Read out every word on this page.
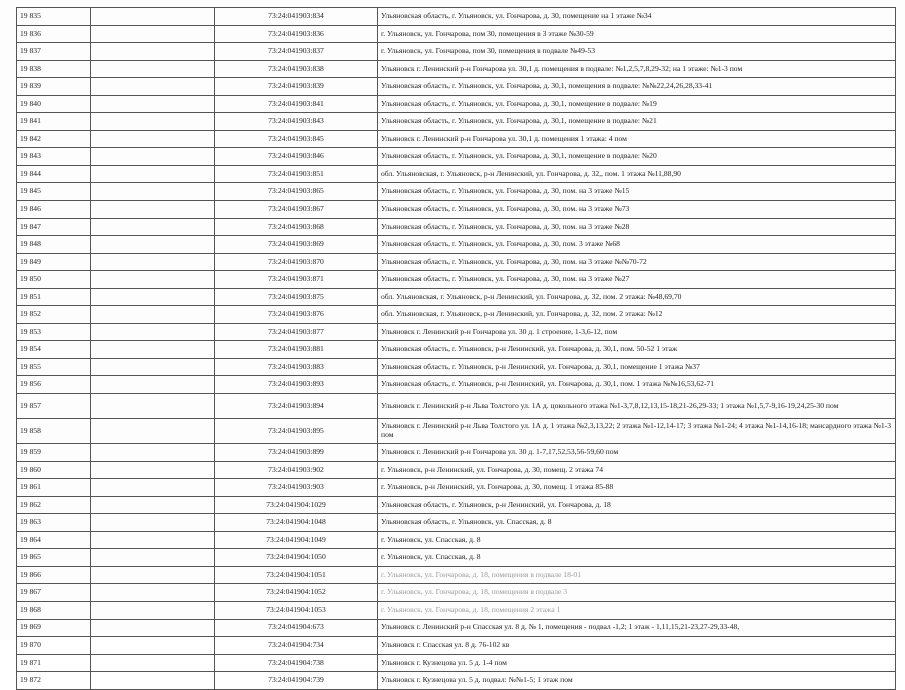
19 835		73:24:041903:834	Ульяновская область, г. Ульяновск, ул. Гончарова, д. 30, помещение на 1 этаже №34
19 836		73:24:041903:836	г. Ульяновск, ул. Гончарова, пом 30, помещения в 3 этаже №30-59
19 837		73:24:041903:837	г. Ульяновск, ул. Гончарова, пом 30, помещения в подвале №49-53
19 838		73:24:041903:838	Ульяновск г. Ленинский р-н Гончарова ул. 30,1 д. помещения в подвале: №1,2,5,7,8,29-32; на 1 этаже: №1-3 пом
19 839		73:24:041903:839	Ульяновская область, г. Ульяновск, ул. Гончарова, д. 30,1, помещения в подвале: №№22,24,26,28,33-41
19 840		73:24:041903:841	Ульяновская область, г. Ульяновск, ул. Гончарова, д. 30,1, помещение в подвале: №19
19 841		73:24:041903:843	Ульяновская область, г. Ульяновск, ул. Гончарова, д. 30,1, помещение в подвале: №21
19 842		73:24:041903:845	Ульяновск г. Ленинский р-н Гончарова ул. 30,1 д. помещения 1 этажа: 4 пом
19 843		73:24:041903:846	Ульяновская область, г. Ульяновск, ул. Гончарова, д. 30,1, помещение в подвале: №20
19 844		73:24:041903:851	обл. Ульяновская, г. Ульяновск, р-н Ленинский, ул. Гончарова, д. 32,, пом. 1 этажа №11,88,90
19 845		73:24:041903:865	Ульяновская область, г. Ульяновск, ул. Гончарова, д. 30, пом. на 3 этаже №15
19 846		73:24:041903:867	Ульяновская область, г. Ульяновск, ул. Гончарова, д. 30, пом. на 3 этаже №73
19 847		73:24:041903:868	Ульяновская область, г. Ульяновск, ул. Гончарова, д. 30, пом. на 3 этаже №28
19 848		73:24:041903:869	Ульяновская область, г. Ульяновск, ул. Гончарова, д. 30, пом. 3 этаже №68
19 849		73:24:041903:870	Ульяновская область, г. Ульяновск, ул. Гончарова, д. 30, пом. на 3 этаже №№70-72
19 850		73:24:041903:871	Ульяновская область, г. Ульяновск, ул. Гончарова, д. 30, пом. на 3 этаже №27
19 851		73:24:041903:875	обл. Ульяновская, г. Ульяновск, р-н Ленинский, ул. Гончарова, д. 32, пом. 2 этажа: №48,69,70
19 852		73:24:041903:876	обл. Ульяновская, г. Ульяновск, р-н Ленинский, ул. Гончарова, д. 32, пом. 2 этажа: №12
19 853		73:24:041903:877	Ульяновск г. Ленинский р-н Гончарова ул. 30 д. 1 строение, 1-3,6-12, пом
19 854		73:24:041903:881	Ульяновская область, г. Ульяновск, р-н Ленинский, ул. Гончарова, д. 30,1, пом. 50-52 1 этаж
19 855		73:24:041903:883	Ульяновская область, г. Ульяновск, р-н Ленинский, ул. Гончарова, д. 30,1, помещение 1 этажа №37
19 856		73:24:041903:893	Ульяновская область, г. Ульяновск, р-н Ленинский, ул. Гончарова, д. 30,1, пом. 1 этажа №№16,53,62-71
19 857		73:24:041903:894	Ульяновск г. Ленинский р-н Льва Толстого ул. 1А д. цокольного этажа №1-3,7,8,12,13,15-18,21-26,29-33; 1 этажа №1,5,7-9,16-19,24,25-30 пом
19 858		73:24:041903:895	Ульяновск г. Ленинский р-н Льва Толстого ул. 1А д. 1 этажа №2,3,13,22; 2 этажа №1-12,14-17; 3 этажа №1-24; 4 этажа №1-14,16-18; мансардного этажа №1-3 пом
19 859		73:24:041903:899	Ульяновск г. Ленинский р-н Гончарова ул. 30 д. 1-7,17,52,53,56-59,60 пом
19 860		73:24:041903:902	г. Ульяновск, р-н Ленинский, ул. Гончарова, д. 30, помещ. 2 этажа 74
19 861		73:24:041903:903	г. Ульяновск, р-н Ленинский, ул. Гончарова, д. 30, помещ. 1 этажа 85-88
19 862		73:24:041904:1029	Ульяновская область, г. Ульяновск, р-н Ленинский, ул. Гончарова, д. 18
19 863		73:24:041904:1048	Ульяновская область, г. Ульяновск, ул. Спасская, д. 8
19 864		73:24:041904:1049	г. Ульяновск, ул. Спасская, д. 8
19 865		73:24:041904:1050	г. Ульяновск, ул. Спасская, д. 8
19 866		73:24:041904:1051	г. Ульяновск, ул. Гончарова, д. 18, помещения в подвале 18-01
19 867		73:24:041904:1052	г. Ульяновск, ул. Гончарова, д. 18, помещения в подвале 3
19 868		73:24:041904:1053	г. Ульяновск, ул. Гончарова, д. 18, помещения 2 этажа 1
19 869		73:24:041904:673	Ульяновск г. Ленинский р-н Спасская ул. 8 д. № 1, помещения - подвал -1,2; 1 этаж - 1,11,15,21-23,27-29,33-48,
19 870		73:24:041904:734	Ульяновск г. Спасская ул. 8 д. 76-102 кв
19 871		73:24:041904:738	Ульяновск г. Кузнецова ул. 5 д. 1-4 пом
19 872		73:24:041904:739	Ульяновск г. Кузнецова ул. 5 д. подвал: №№1-5; 1 этаж пом
